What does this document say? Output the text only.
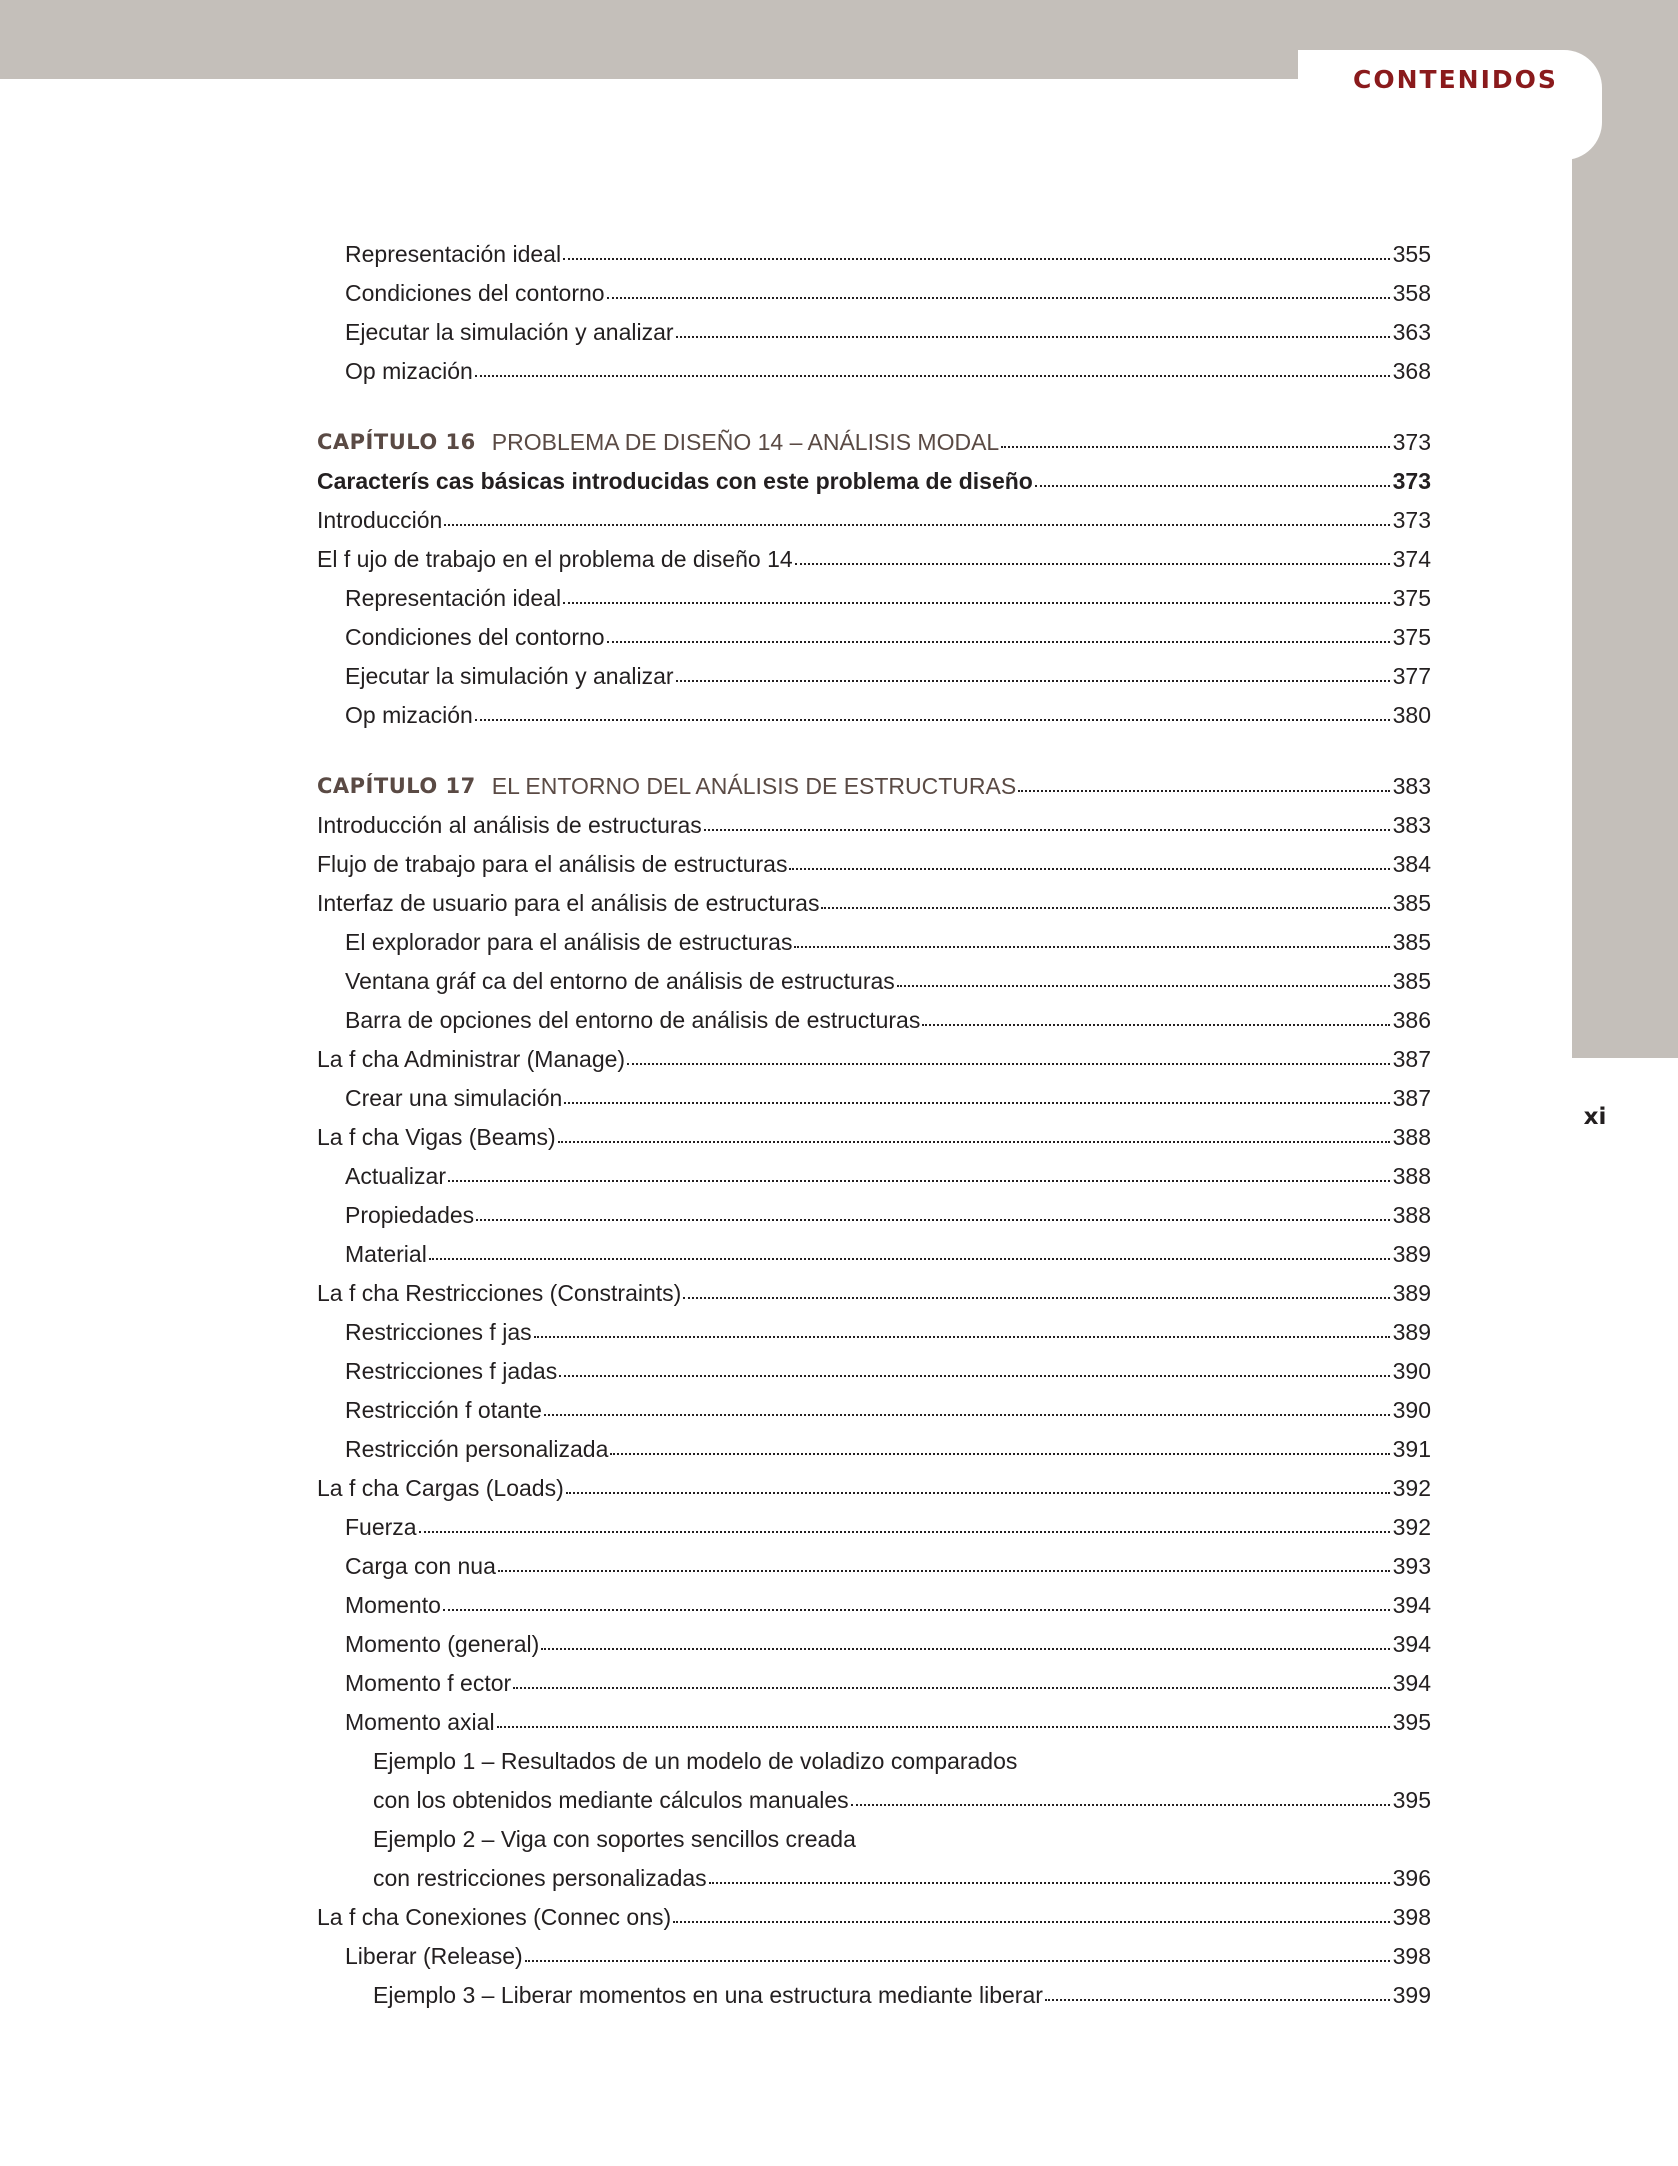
CONTENIDOS
xi
Representación ideal	355
Condiciones del contorno	358
Ejecutar la simulación y analizar	363
Op mización	368
CAPÍTULO 16 PROBLEMA DE DISEÑO 14 – ANÁLISIS MODAL	373
Caracterís cas básicas introducidas con este problema de diseño	373
Introducción	373
El f ujo de trabajo en el problema de diseño 14	374
Representación ideal	375
Condiciones del contorno	375
Ejecutar la simulación y analizar	377
Op mización	380
CAPÍTULO 17 EL ENTORNO DEL ANÁLISIS DE ESTRUCTURAS	383
Introducción al análisis de estructuras	383
Flujo de trabajo para el análisis de estructuras	384
Interfaz de usuario para el análisis de estructuras	385
El explorador para el análisis de estructuras	385
Ventana gráf ca del entorno de análisis de estructuras	385
Barra de opciones del entorno de análisis de estructuras	386
La f cha Administrar (Manage)	387
Crear una simulación	387
La f cha Vigas (Beams)	388
Actualizar	388
Propiedades	388
Material	389
La f cha Restricciones (Constraints)	389
Restricciones f jas	389
Restricciones f jadas	390
Restricción f otante	390
Restricción personalizada	391
La f cha Cargas (Loads)	392
Fuerza	392
Carga con nua	393
Momento	394
Momento (general)	394
Momento f ector	394
Momento axial	395
Ejemplo 1 – Resultados de un modelo de voladizo comparados
con los obtenidos mediante cálculos manuales	395
Ejemplo 2 – Viga con soportes sencillos creada
con restricciones personalizadas	396
La f cha Conexiones (Connec ons)	398
Liberar (Release)	398
Ejemplo 3 – Liberar momentos en una estructura mediante liberar	399
